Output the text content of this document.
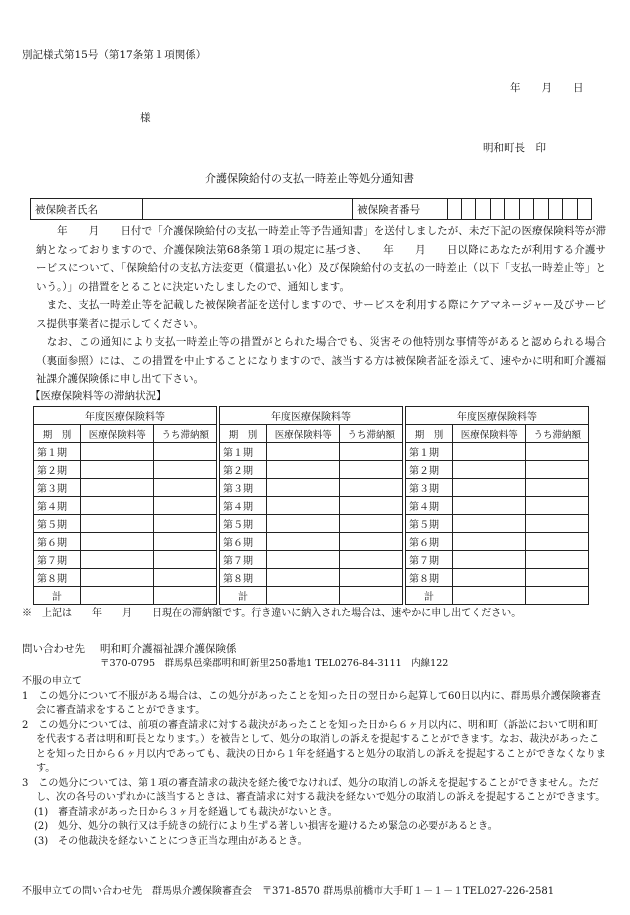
別記様式第15号（第17条第１項関係）
年　　月　　日
様
明和町長　印
介護保険給付の支払一時差止等処分通知書
被保険者氏名		被保険者番号										

　　年　　月　　日付で「介護保険給付の支払一時差止等予告通知書」を送付しましたが、未だ下記の医療保険料等が滞納となっておりますので、介護保険法第68条第１項の規定に基づき、　　年　　月　　日以降にあなたが利用する介護サービスについて、「保険給付の支払方法変更（償還払い化）及び保険給付の支払の一時差止（以下「支払一時差止等」という。）」の措置をとることに決定いたしましたので、通知します。

　また、支払一時差止等を記載した被保険者証を送付しますので、サービスを利用する際にケアマネージャー及びサービス提供事業者に提示してください。

　なお、この通知により支払一時差止等の措置がとられた場合でも、災害その他特別な事情等があると認められる場合（裏面参照）には、この措置を中止することになりますので、該当する方は被保険者証を添えて、速やかに明和町介護福祉課介護保険係に申し出て下さい。

【医療保険料等の滞納状況】
年度医療保険料等		
期　別	医療保険料等	うち滞納額
第１期		
第２期		
第３期		
第４期		
第５期		
第６期		
第７期		
第８期		
計		
年度医療保険料等		
期　別	医療保険料等	うち滞納額
第１期		
第２期		
第３期		
第４期		
第５期		
第６期		
第７期		
第８期		
計		
年度医療保険料等		
期　別	医療保険料等	うち滞納額
第１期		
第２期		
第３期		
第４期		
第５期		
第６期		
第７期		
第８期		
計		
※　上記は　　年　　月　　日現在の滞納額です。行き違いに納入された場合は、速やかに申し出てください。
問い合わせ先 明和町介護福祉課介護保険係
〒370-0795　群馬県邑楽郡明和町新里250番地1 TEL0276-84-3111　内線122
不服の申立て
1　この処分について不服がある場合は、この処分があったことを知った日の翌日から起算して60日以内に、群馬県介護保険審査会に審査請求をすることができます。
2　この処分については、前項の審査請求に対する裁決があったことを知った日から６ヶ月以内に、明和町（訴訟において明和町を代表する者は明和町長となります。）を被告として、処分の取消しの訴えを提起することができます。なお、裁決があったことを知った日から６ヶ月以内であっても、裁決の日から１年を経過すると処分の取消しの訴えを提起することができなくなります。
3　この処分については、第１項の審査請求の裁決を経た後でなければ、処分の取消しの訴えを提起することができません。ただし、次の各号のいずれかに該当するときは、審査請求に対する裁決を経ないで処分の取消しの訴えを提起することができます。
(1)　審査請求があった日から３ヶ月を経過しても裁決がないとき。
(2)　処分、処分の執行又は手続きの続行により生ずる著しい損害を避けるため緊急の必要があるとき。
(3)　その他裁決を経ないことにつき正当な理由があるとき。
不服申立ての問い合わせ先　群馬県介護保険審査会　〒371-8570 群馬県前橋市大手町１－１－１TEL027-226-2581
